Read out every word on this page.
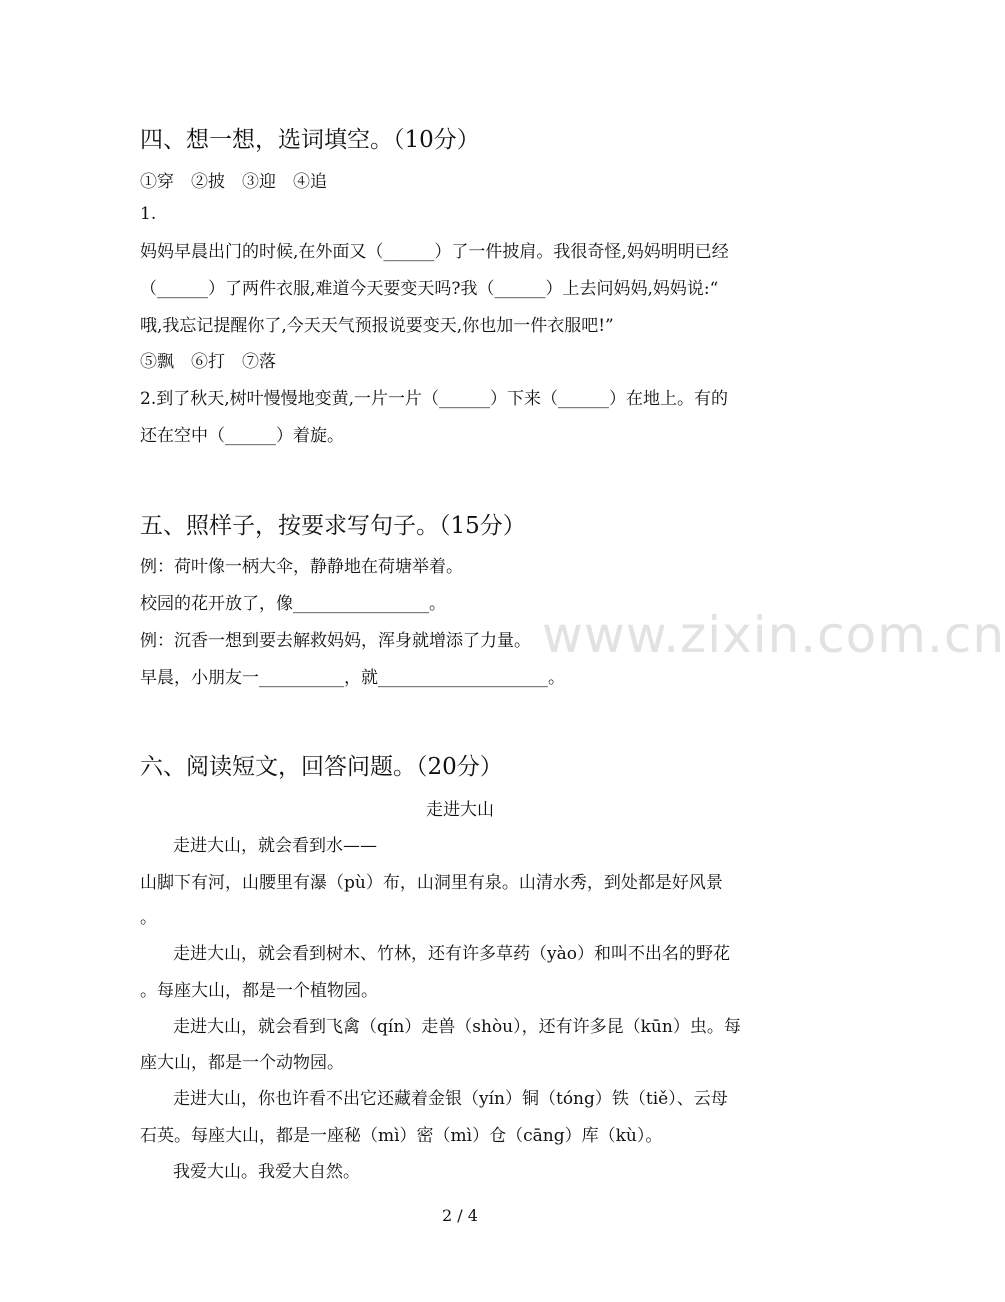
www.zixin.com.cn
四、想一想，选词填空。（10分）
①穿　②披　③迎　④追
1.
妈妈早晨出门的时候,在外面又（______）了一件披肩。我很奇怪,妈妈明明已经
（______）了两件衣服,难道今天要变天吗?我（______）上去问妈妈,妈妈说:“
哦,我忘记提醒你了,今天天气预报说要变天,你也加一件衣服吧!”
⑤飘　⑥打　⑦落
2.到了秋天,树叶慢慢地变黄,一片一片（______）下来（______）在地上。有的
还在空中（______）着旋。
五、照样子，按要求写句子。（15分）
例：荷叶像一柄大伞，静静地在荷塘举着。
校园的花开放了，像________________。
例：沉香一想到要去解救妈妈，浑身就增添了力量。
早晨，小朋友一__________，就____________________。
六、阅读短文，回答问题。（20分）
走进大山
走进大山，就会看到水——
山脚下有河，山腰里有瀑（pù）布，山洞里有泉。山清水秀，到处都是好风景
。
走进大山，就会看到树木、竹林，还有许多草药（yào）和叫不出名的野花
。每座大山，都是一个植物园。
走进大山，就会看到飞禽（qín）走兽（shòu），还有许多昆（kūn）虫。每
座大山，都是一个动物园。
走进大山，你也许看不出它还藏着金银（yín）铜（tóng）铁（tiě）、云母
石英。每座大山，都是一座秘（mì）密（mì）仓（cāng）库（kù）。
我爱大山。我爱大自然。
2 / 4
